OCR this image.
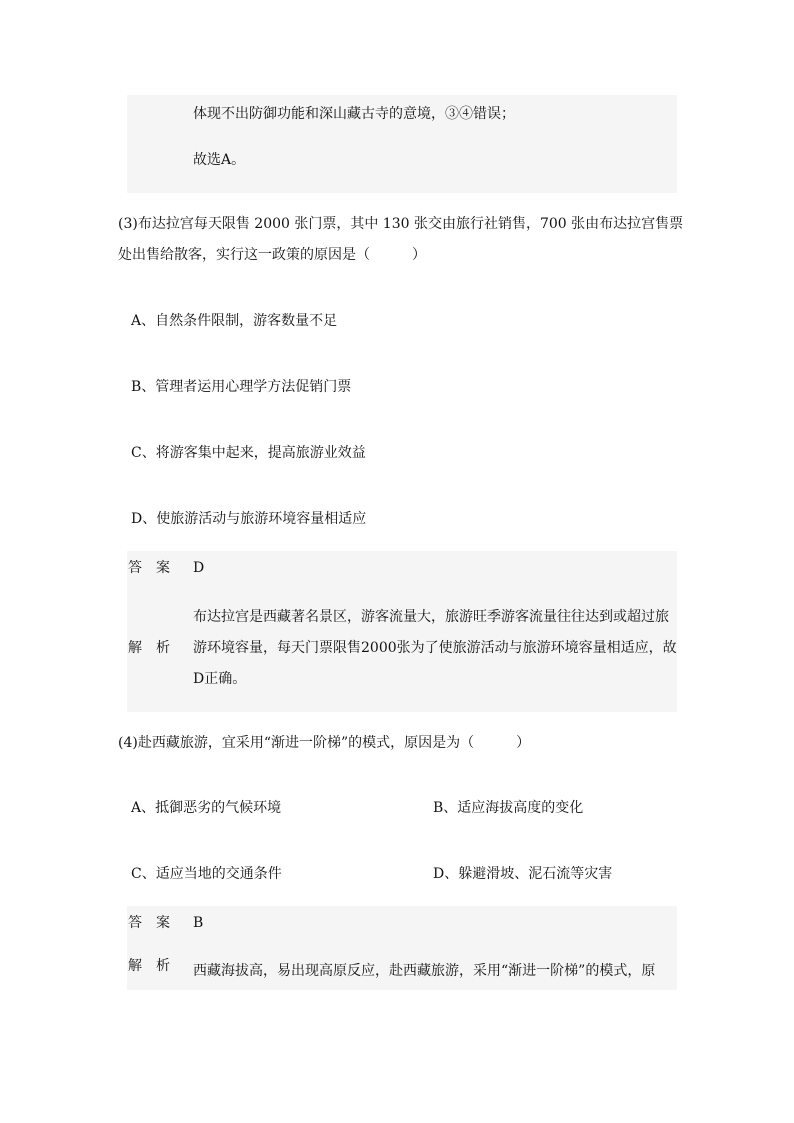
体现不出防御功能和深山藏古寺的意境，③④错误；
故选A。
(3)布达拉宫每天限售 2000 张门票，其中 130 张交由旅行社销售，700 张由布达拉宫售票
处出售给散客，实行这一政策的原因是（　　　）
A、自然条件限制，游客数量不足
B、管理者运用心理学方法促销门票
C、将游客集中起来，提高旅游业效益
D、使旅游活动与旅游环境容量相适应
答案 D
解析
布达拉宫是西藏著名景区，游客流量大，旅游旺季游客流量往往达到或超过旅
游环境容量，每天门票限售2000张为了使旅游活动与旅游环境容量相适应，故
D正确。
(4)赴西藏旅游，宜采用“渐进一阶梯”的模式，原因是为（　　　）
A、抵御恶劣的气候环境	B、适应海拔高度的变化
C、适应当地的交通条件	D、躲避滑坡、泥石流等灾害
答案 B
解析 西藏海拔高，易出现高原反应，赴西藏旅游，采用“渐进一阶梯”的模式，原
